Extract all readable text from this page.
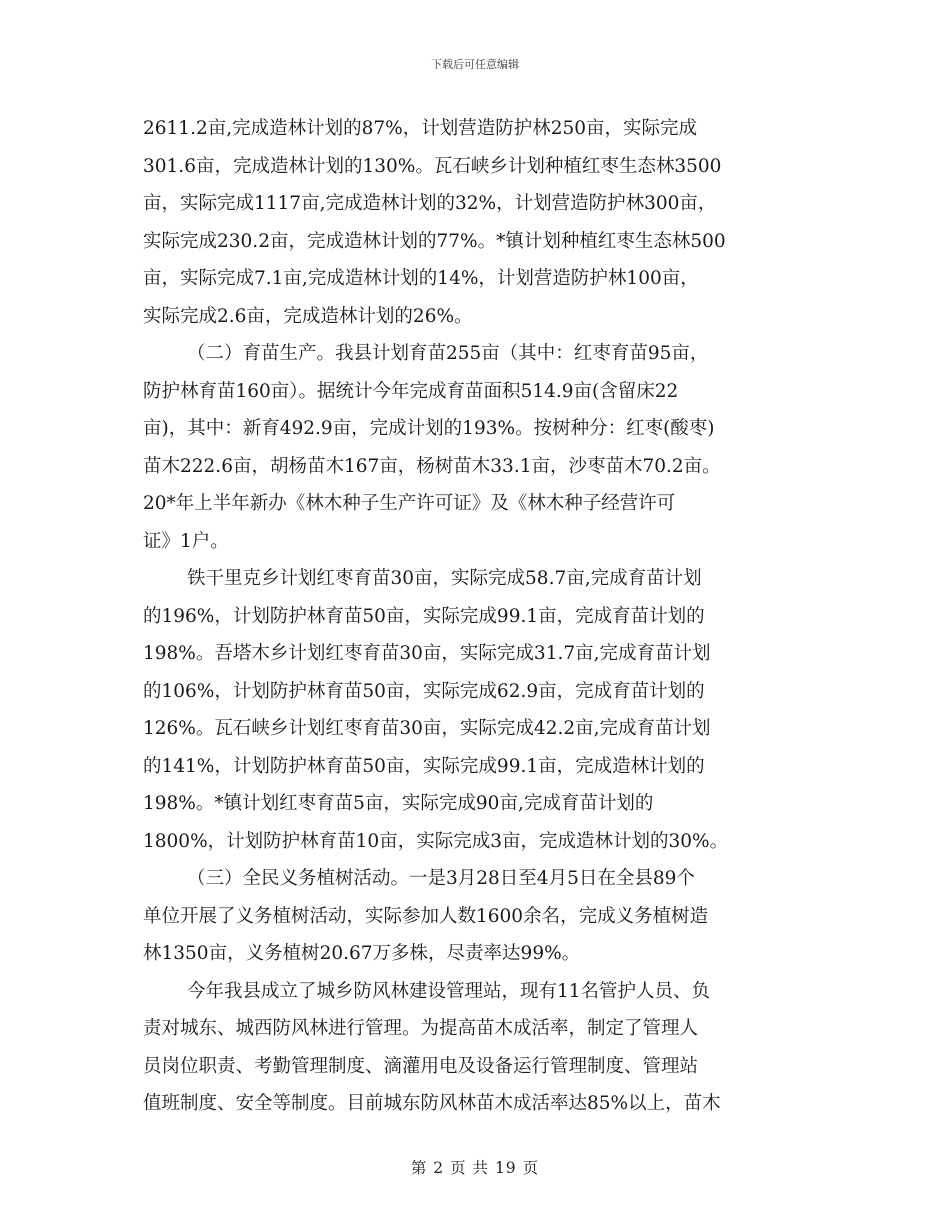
下载后可任意编辑
2611.2亩,完成造林计划的87%，计划营造防护林250亩，实际完成
301.6亩，完成造林计划的130%。瓦石峡乡计划种植红枣生态林3500
亩，实际完成1117亩,完成造林计划的32%，计划营造防护林300亩，
实际完成230.2亩，完成造林计划的77%。*镇计划种植红枣生态林500
亩，实际完成7.1亩,完成造林计划的14%，计划营造防护林100亩，
实际完成2.6亩，完成造林计划的26%。
（二）育苗生产。我县计划育苗255亩（其中：红枣育苗95亩，
防护林育苗160亩）。据统计今年完成育苗面积514.9亩(含留床22
亩)，其中：新育492.9亩，完成计划的193%。按树种分：红枣(酸枣)
苗木222.6亩，胡杨苗木167亩，杨树苗木33.1亩，沙枣苗木70.2亩。
20*年上半年新办《林木种子生产许可证》及《林木种子经营许可
证》1户。
铁干里克乡计划红枣育苗30亩，实际完成58.7亩,完成育苗计划
的196%，计划防护林育苗50亩，实际完成99.1亩，完成育苗计划的
198%。吾塔木乡计划红枣育苗30亩，实际完成31.7亩,完成育苗计划
的106%，计划防护林育苗50亩，实际完成62.9亩，完成育苗计划的
126%。瓦石峡乡计划红枣育苗30亩，实际完成42.2亩,完成育苗计划
的141%，计划防护林育苗50亩，实际完成99.1亩，完成造林计划的
198%。*镇计划红枣育苗5亩，实际完成90亩,完成育苗计划的
1800%，计划防护林育苗10亩，实际完成3亩，完成造林计划的30%。
（三）全民义务植树活动。一是3月28日至4月5日在全县89个
单位开展了义务植树活动，实际参加人数1600余名，完成义务植树造
林1350亩，义务植树20.67万多株，尽责率达99%。
今年我县成立了城乡防风林建设管理站，现有11名管护人员、负
责对城东、城西防风林进行管理。为提高苗木成活率，制定了管理人
员岗位职责、考勤管理制度、滴灌用电及设备运行管理制度、管理站
值班制度、安全等制度。目前城东防风林苗木成活率达85%以上，苗木
第 2 页 共 19 页
